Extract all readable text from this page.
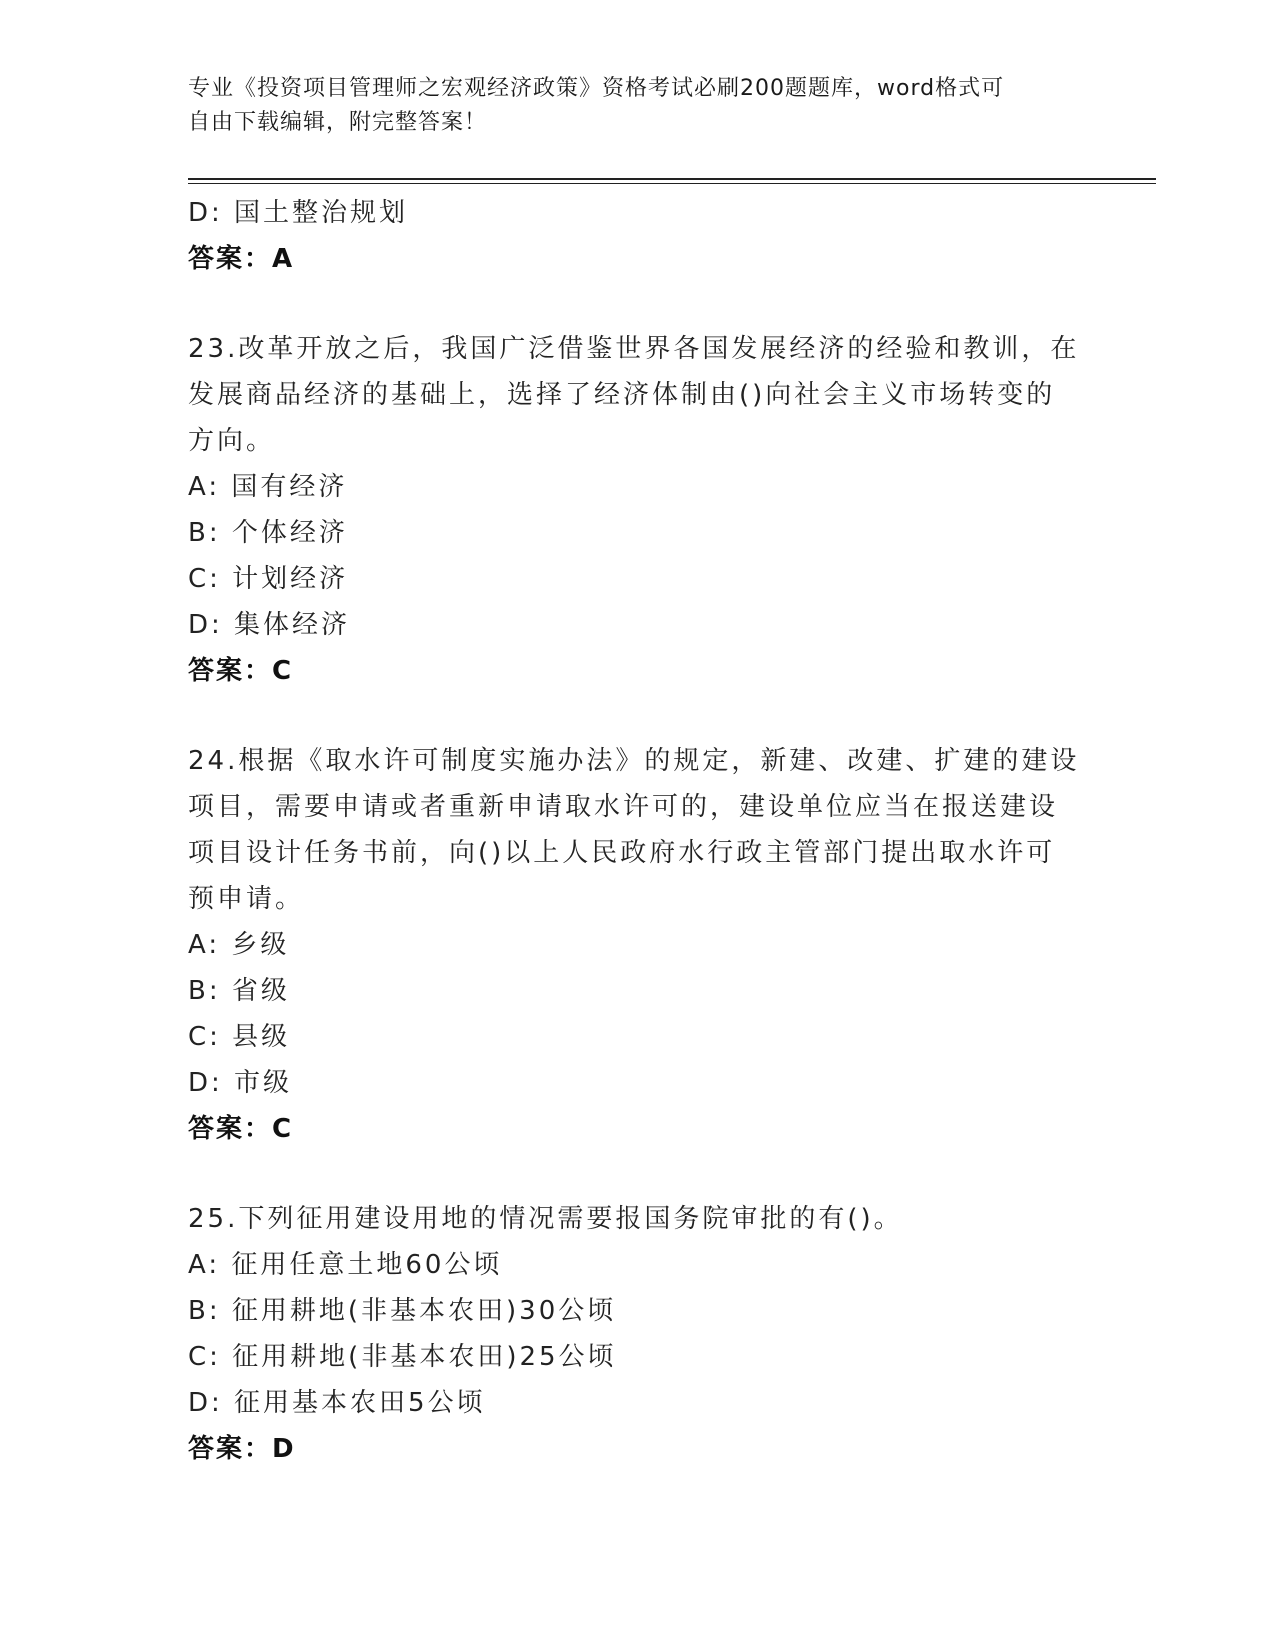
专业《投资项目管理师之宏观经济政策》资格考试必刷200题题库，word格式可
自由下载编辑，附完整答案！
D: 国土整治规划
答案：A
23.改革开放之后，我国广泛借鉴世界各国发展经济的经验和教训，在
发展商品经济的基础上，选择了经济体制由()向社会主义市场转变的
方向。
A: 国有经济
B: 个体经济
C: 计划经济
D: 集体经济
答案：C
24.根据《取水许可制度实施办法》的规定，新建、改建、扩建的建设
项目，需要申请或者重新申请取水许可的，建设单位应当在报送建设
项目设计任务书前，向()以上人民政府水行政主管部门提出取水许可
预申请。
A: 乡级
B: 省级
C: 县级
D: 市级
答案：C
25.下列征用建设用地的情况需要报国务院审批的有()。
A: 征用任意土地60公顷
B: 征用耕地(非基本农田)30公顷
C: 征用耕地(非基本农田)25公顷
D: 征用基本农田5公顷
答案：D
